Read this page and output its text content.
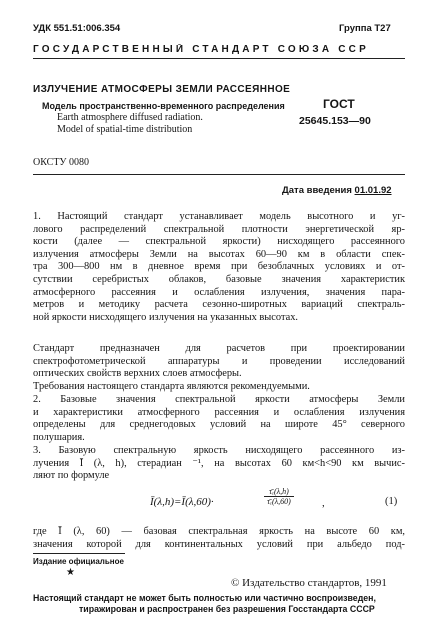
УДК 551.51:006.354	Группа Т27
ГОСУДАРСТВЕННЫЙ СТАНДАРТ СОЮЗА ССР
ИЗЛУЧЕНИЕ АТМОСФЕРЫ ЗЕМЛИ РАССЕЯННОЕ
Модель пространственно-временного распределения
Earth atmosphere diffused radiation.
Model of spatial-time distribution
ГОСТ
25645.153—90
ОКСТУ 0080
Дата введения 01.01.92
1. Настоящий стандарт устанавливает модель высотного и уг-
лового распределений спектральной плотности энергетической яр-
кости (далее — спектральной яркости) нисходящего рассеянного
излучения атмосферы Земли на высотах 60—90 км в области спек-
тра 300—800 нм в дневное время при безоблачных условиях и от-
сутствии серебристых облаков, базовые значения характеристик
атмосферного рассеяния и ослабления излучения, значения пара-
метров и методику расчета сезонно-широтных вариаций спектраль-
ной яркости нисходящего излучения на указанных высотах.
Стандарт предназначен для расчетов при проектировании
спектрофотометрической аппаратуры и проведении исследований
оптических свойств верхних слоев атмосферы.
Требования настоящего стандарта являются рекомендуемыми.
2. Базовые значения спектральной яркости атмосферы Земли
и характеристики атмосферного рассеяния и ослабления излучения
определены для среднегодовых условий на широте 45° северного
полушария.
3. Базовую спектральную яркость нисходящего рассеянного из-
лучения Ī (λ, h), стерадиан ⁻¹, на высотах 60 км<h<90 км вычис-
ляют по формуле
Ī(λ,h)=Ī(λ,60)·	$\frac{\text{τ̄ₑ(λ,h)}}{\text{τ̄ₑ(λ,60)}}$	,	(1)
где Ī (λ, 60) — базовая спектральная яркость на высоте 60 км,
значения которой для континентальных условий при альбедо под-
Издание официальное
★
© Издательство стандартов, 1991
Настоящий стандарт не может быть полностью или частично воспроизведен,
тиражирован и распространен без разрешения Госстандарта СССР
